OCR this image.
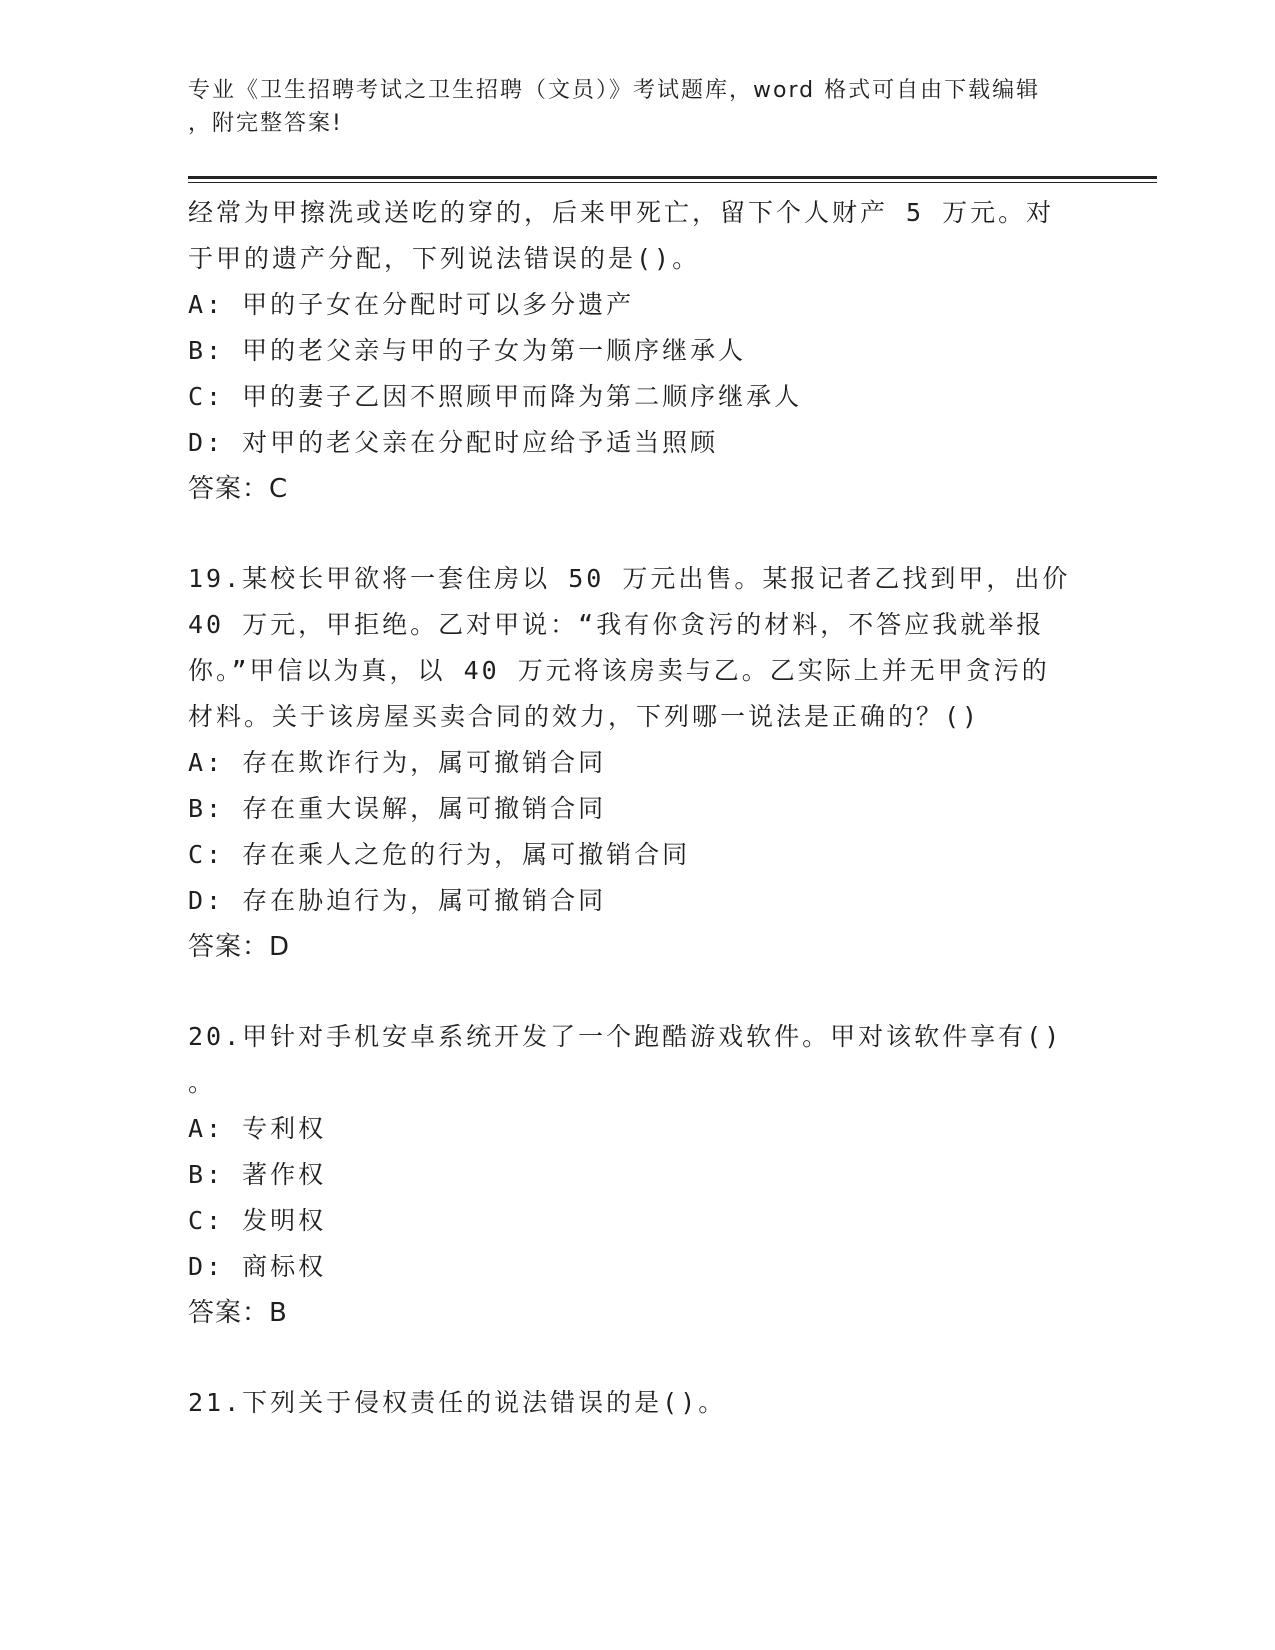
专业《卫生招聘考试之卫生招聘（文员）》考试题库，word 格式可自由下载编辑
，附完整答案!
经常为甲擦洗或送吃的穿的，后来甲死亡，留下个人财产 5 万元。对
于甲的遗产分配，下列说法错误的是()。
A: 甲的子女在分配时可以多分遗产
B: 甲的老父亲与甲的子女为第一顺序继承人
C: 甲的妻子乙因不照顾甲而降为第二顺序继承人
D: 对甲的老父亲在分配时应给予适当照顾
答案：C
19.某校长甲欲将一套住房以 50 万元出售。某报记者乙找到甲，出价
40 万元，甲拒绝。乙对甲说：“我有你贪污的材料，不答应我就举报
你。”甲信以为真，以 40 万元将该房卖与乙。乙实际上并无甲贪污的
材料。关于该房屋买卖合同的效力，下列哪一说法是正确的？()
A: 存在欺诈行为，属可撤销合同
B: 存在重大误解，属可撤销合同
C: 存在乘人之危的行为，属可撤销合同
D: 存在胁迫行为，属可撤销合同
答案：D
20.甲针对手机安卓系统开发了一个跑酷游戏软件。甲对该软件享有()
。
A: 专利权
B: 著作权
C: 发明权
D: 商标权
答案：B
21.下列关于侵权责任的说法错误的是()。
